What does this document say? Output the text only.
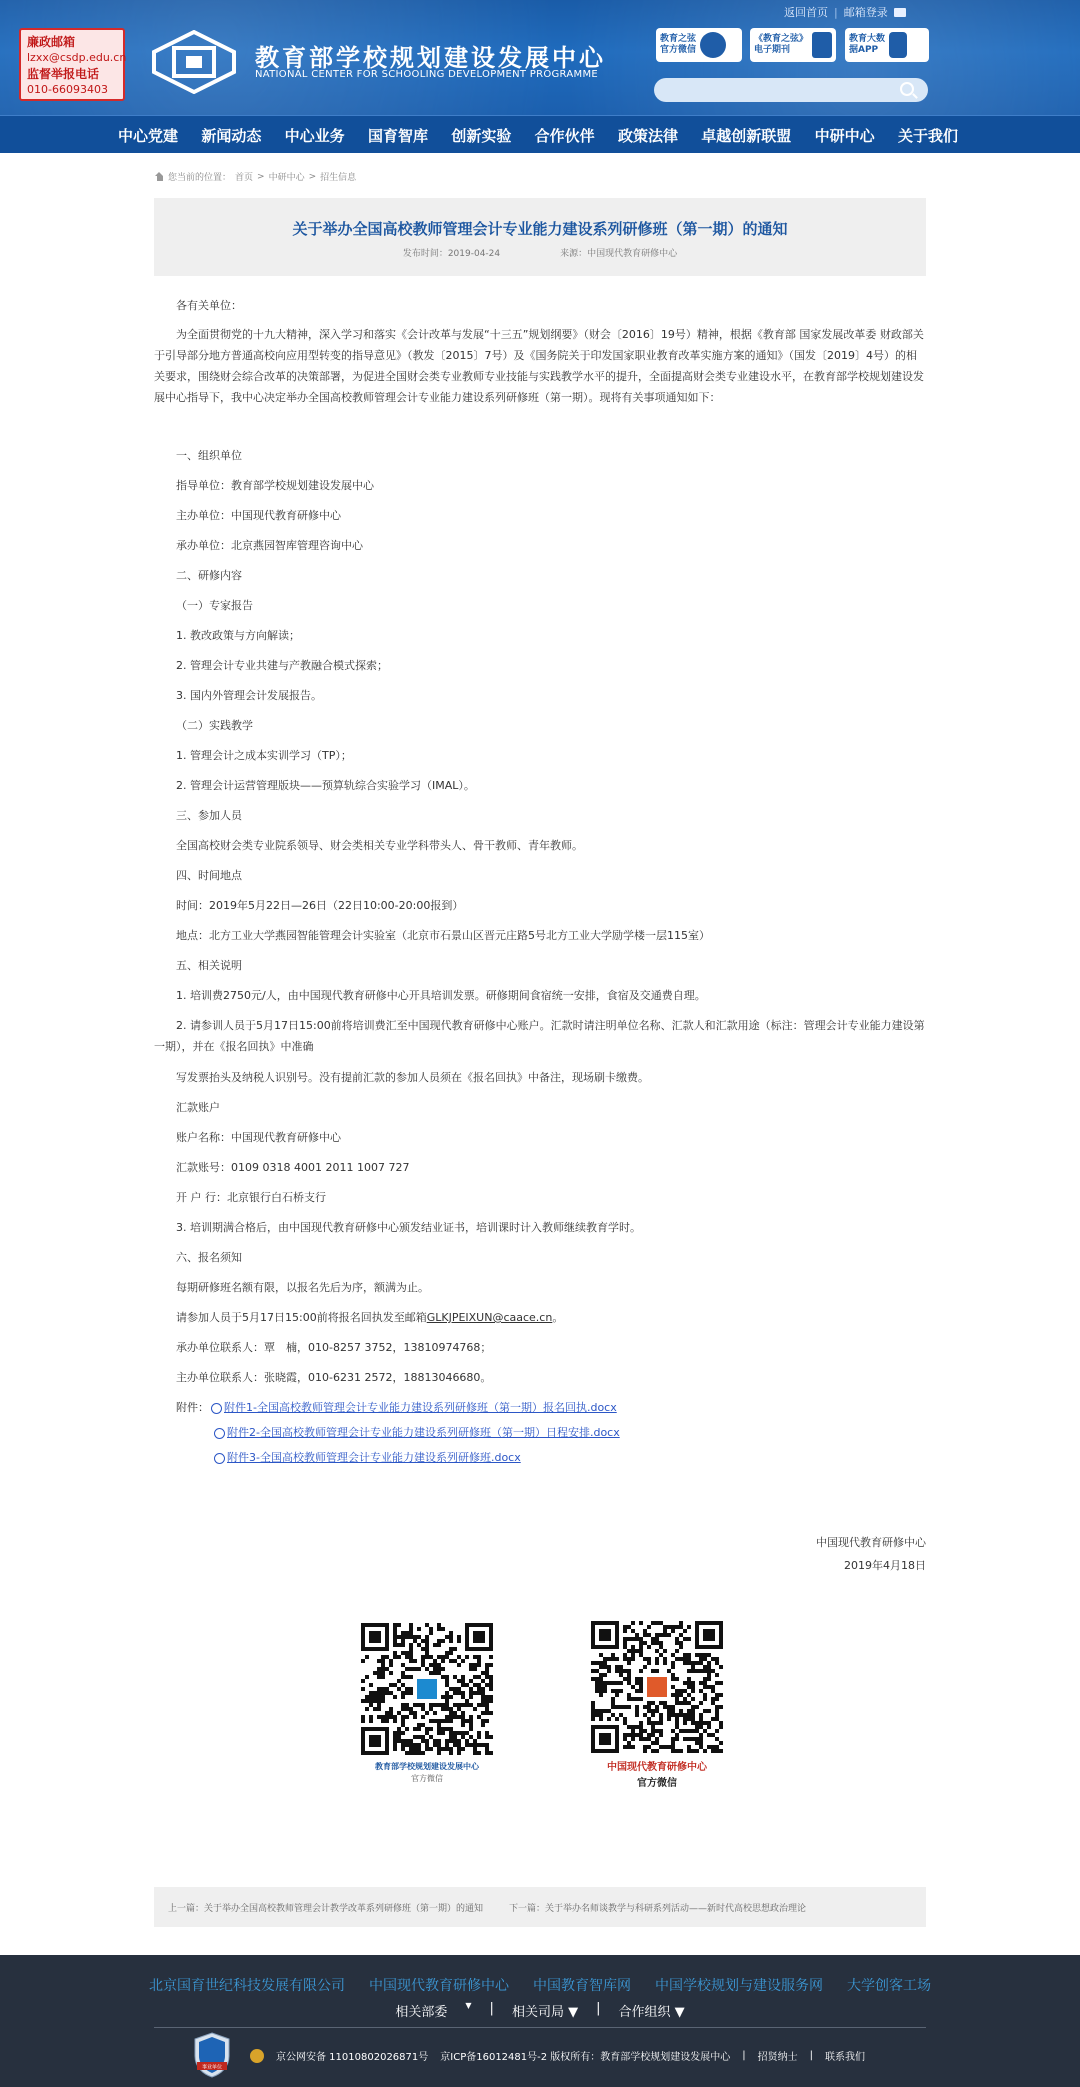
廉政邮箱
lzxx@csdp.edu.cn
监督举报电话
010-66093403
教育部学校规划建设发展中心
NATIONAL CENTER FOR SCHOOLING DEVELOPMENT PROGRAMME
返回首页 | 邮箱登录
教育之弦
官方微信
《教育之弦》
电子期刊
教育大数
据APP
中心党建 新闻动态 中心业务 国育智库 创新实验 合作伙伴 政策法律 卓越创新联盟 中研中心 关于我们
您当前的位置： 首页 > 中研中心 > 招生信息
关于举办全国高校教师管理会计专业能力建设系列研修班（第一期）的通知
发布时间：2019-04-24	来源：中国现代教育研修中心
各有关单位：
为全面贯彻党的十九大精神，深入学习和落实《会计改革与发展“十三五”规划纲要》（财会〔2016〕19号）精神，根据《教育部 国家发展改革委 财政部关于引导部分地方普通高校向应用型转变的指导意见》（教发〔2015〕7号）及《国务院关于印发国家职业教育改革实施方案的通知》（国发〔2019〕4号）的相关要求，围绕财会综合改革的决策部署，为促进全国财会类专业教师专业技能与实践教学水平的提升，全面提高财会类专业建设水平，在教育部学校规划建设发展中心指导下，我中心决定举办全国高校教师管理会计专业能力建设系列研修班（第一期）。现将有关事项通知如下：
一、组织单位
指导单位：教育部学校规划建设发展中心
主办单位：中国现代教育研修中心
承办单位：北京燕园智库管理咨询中心
二、研修内容
（一）专家报告
1. 教改政策与方向解读；
2. 管理会计专业共建与产教融合模式探索；
3. 国内外管理会计发展报告。
（二）实践教学
1. 管理会计之成本实训学习（TP）；
2. 管理会计运营管理版块——预算轨综合实验学习（IMAL）。
三、参加人员
全国高校财会类专业院系领导、财会类相关专业学科带头人、骨干教师、青年教师。
四、时间地点
时间：2019年5月22日—26日（22日10:00-20:00报到）
地点：北方工业大学燕园智能管理会计实验室（北京市石景山区晋元庄路5号北方工业大学励学楼一层115室）
五、相关说明
1. 培训费2750元/人，由中国现代教育研修中心开具培训发票。研修期间食宿统一安排，食宿及交通费自理。
2. 请参训人员于5月17日15:00前将培训费汇至中国现代教育研修中心账户。汇款时请注明单位名称、汇款人和汇款用途（标注：管理会计专业能力建设第一期），并在《报名回执》中准确
写发票抬头及纳税人识别号。没有提前汇款的参加人员须在《报名回执》中备注，现场刷卡缴费。
汇款账户
账户名称：中国现代教育研修中心
汇款账号：0109 0318 4001 2011 1007 727
开 户 行：北京银行白石桥支行
3. 培训期满合格后，由中国现代教育研修中心颁发结业证书，培训课时计入教师继续教育学时。
六、报名须知
每期研修班名额有限，以报名先后为序，额满为止。
请参加人员于5月17日15:00前将报名回执发至邮箱GLKJPEIXUN@caace.cn。
承办单位联系人：覃　楠，010-8257 3752，13810974768；
主办单位联系人：张晓霞，010-6231 2572，18813046680。
附件： 附件1-全国高校教师管理会计专业能力建设系列研修班（第一期）报名回执.docx
附件2-全国高校教师管理会计专业能力建设系列研修班（第一期）日程安排.docx
附件3-全国高校教师管理会计专业能力建设系列研修班.docx
中国现代教育研修中心
2019年4月18日
教育部学校规划建设发展中心
官方微信
中国现代教育研修中心
官方微信
上一篇：关于举办全国高校教师管理会计教学改革系列研修班（第一期）的通知	下一篇：关于举办名师谈教学与科研系列活动——新时代高校思想政治理论
北京国育世纪科技发展有限公司 中国现代教育研修中心 中国教育智库网 中国学校规划与建设服务网 大学创客工场
相关部委 ▼ | 相关司局 ▼ | 合作组织 ▼
事业单位
京公网安备 11010802026871号 京ICP备16012481号-2 版权所有：教育部学校规划建设发展中心 | 招贤纳士 | 联系我们
